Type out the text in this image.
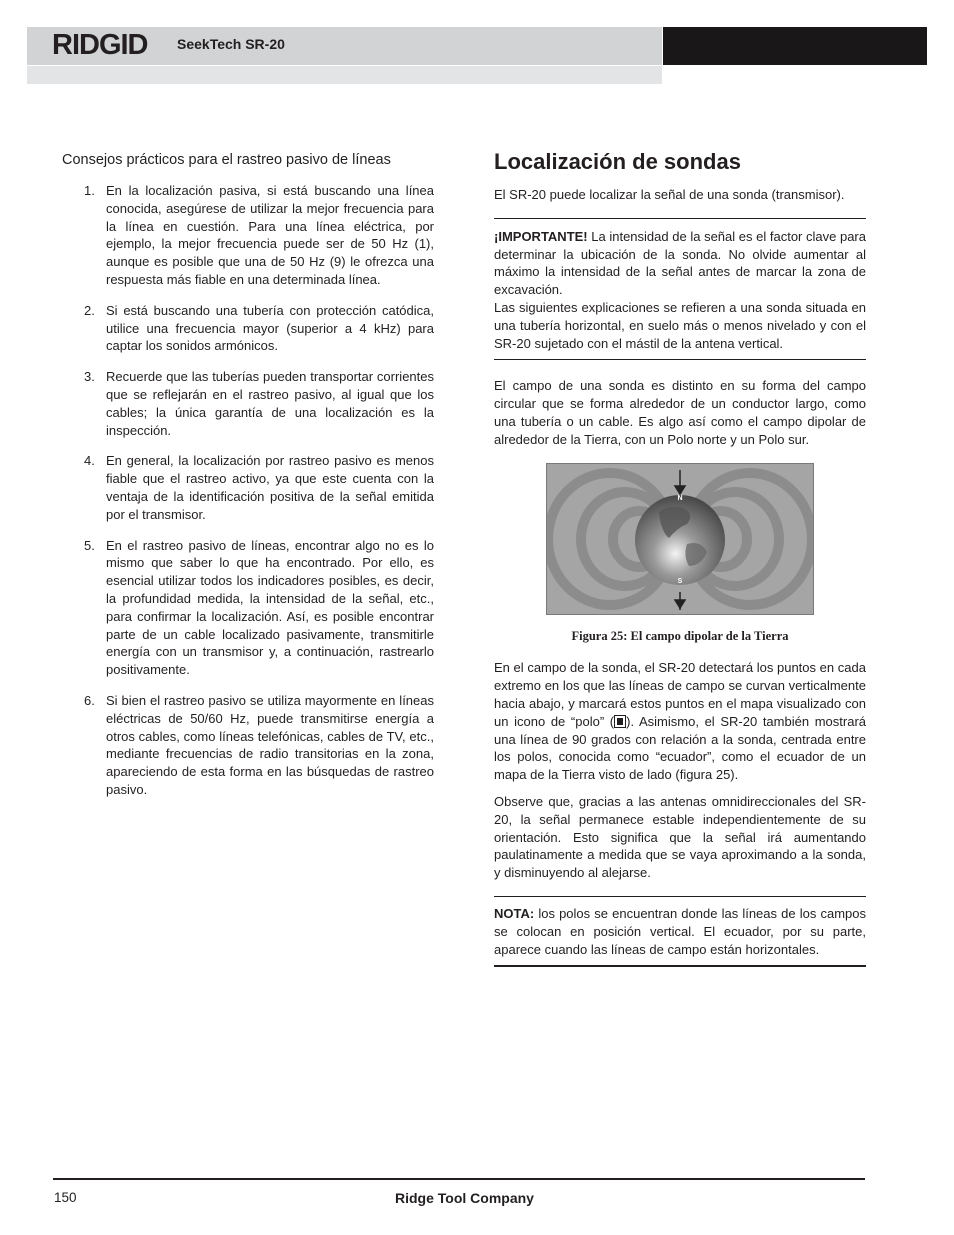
RIDGID SeekTech SR-20
Consejos prácticos para el rastreo pasivo de líneas
1. En la localización pasiva, si está buscando una línea conocida, asegúrese de utilizar la mejor frecuencia para la línea en cuestión. Para una línea eléctrica, por ejemplo, la mejor frecuencia puede ser de 50 Hz (1), aunque es posible que una de 50 Hz (9) le ofrezca una respuesta más fiable en una determinada línea.
2. Si está buscando una tubería con protección catódica, utilice una frecuencia mayor (superior a 4 kHz) para captar los sonidos armónicos.
3. Recuerde que las tuberías pueden transportar corrientes que se reflejarán en el rastreo pasivo, al igual que los cables; la única garantía de una localización es la inspección.
4. En general, la localización por rastreo pasivo es menos fiable que el rastreo activo, ya que este cuenta con la ventaja de la identificación positiva de la señal emitida por el transmisor.
5. En el rastreo pasivo de líneas, encontrar algo no es lo mismo que saber lo que ha encontrado. Por ello, es esencial utilizar todos los indicadores posibles, es decir, la profundidad medida, la intensidad de la señal, etc., para confirmar la localización. Así, es posible encontrar parte de un cable localizado pasivamente, transmitirle energía con un transmisor y, a continuación, rastrearlo positivamente.
6. Si bien el rastreo pasivo se utiliza mayormente en líneas eléctricas de 50/60 Hz, puede transmitirse energía a otros cables, como líneas telefónicas, cables de TV, etc., mediante frecuencias de radio transitorias en la zona, apareciendo de esta forma en las búsquedas de rastreo pasivo.
Localización de sondas

El SR-20 puede localizar la señal de una sonda (transmisor).

¡IMPORTANTE! La intensidad de la señal es el factor clave para determinar la ubicación de la sonda. No olvide aumentar al máximo la intensidad de la señal antes de marcar la zona de excavación.

Las siguientes explicaciones se refieren a una sonda situada en una tubería horizontal, en suelo más o menos nivelado y con el SR-20 sujetado con el mástil de la antena vertical.

El campo de una sonda es distinto en su forma del campo circular que se forma alrededor de un conductor largo, como una tubería o un cable. Es algo así como el campo dipolar de alrededor de la Tierra, con un Polo norte y un Polo sur.

N
S
Figura 25: El campo dipolar de la Tierra

En el campo de la sonda, el SR-20 detectará los puntos en cada extremo en los que las líneas de campo se curvan verticalmente hacia abajo, y marcará estos puntos en el mapa visualizado con un icono de “polo” ( ). Asimismo, el SR-20 también mostrará una línea de 90 grados con relación a la sonda, centrada entre los polos, conocida como “ecuador”, como el ecuador de un mapa de la Tierra visto de lado (figura 25).

Observe que, gracias a las antenas omnidireccionales del SR-20, la señal permanece estable independientemente de su orientación. Esto significa que la señal irá aumentando paulatinamente a medida que se vaya aproximando a la sonda, y disminuyendo al alejarse.

NOTA: los polos se encuentran donde las líneas de los campos se colocan en posición vertical. El ecuador, por su parte, aparece cuando las líneas de campo están horizontales.

150	Ridge Tool Company
